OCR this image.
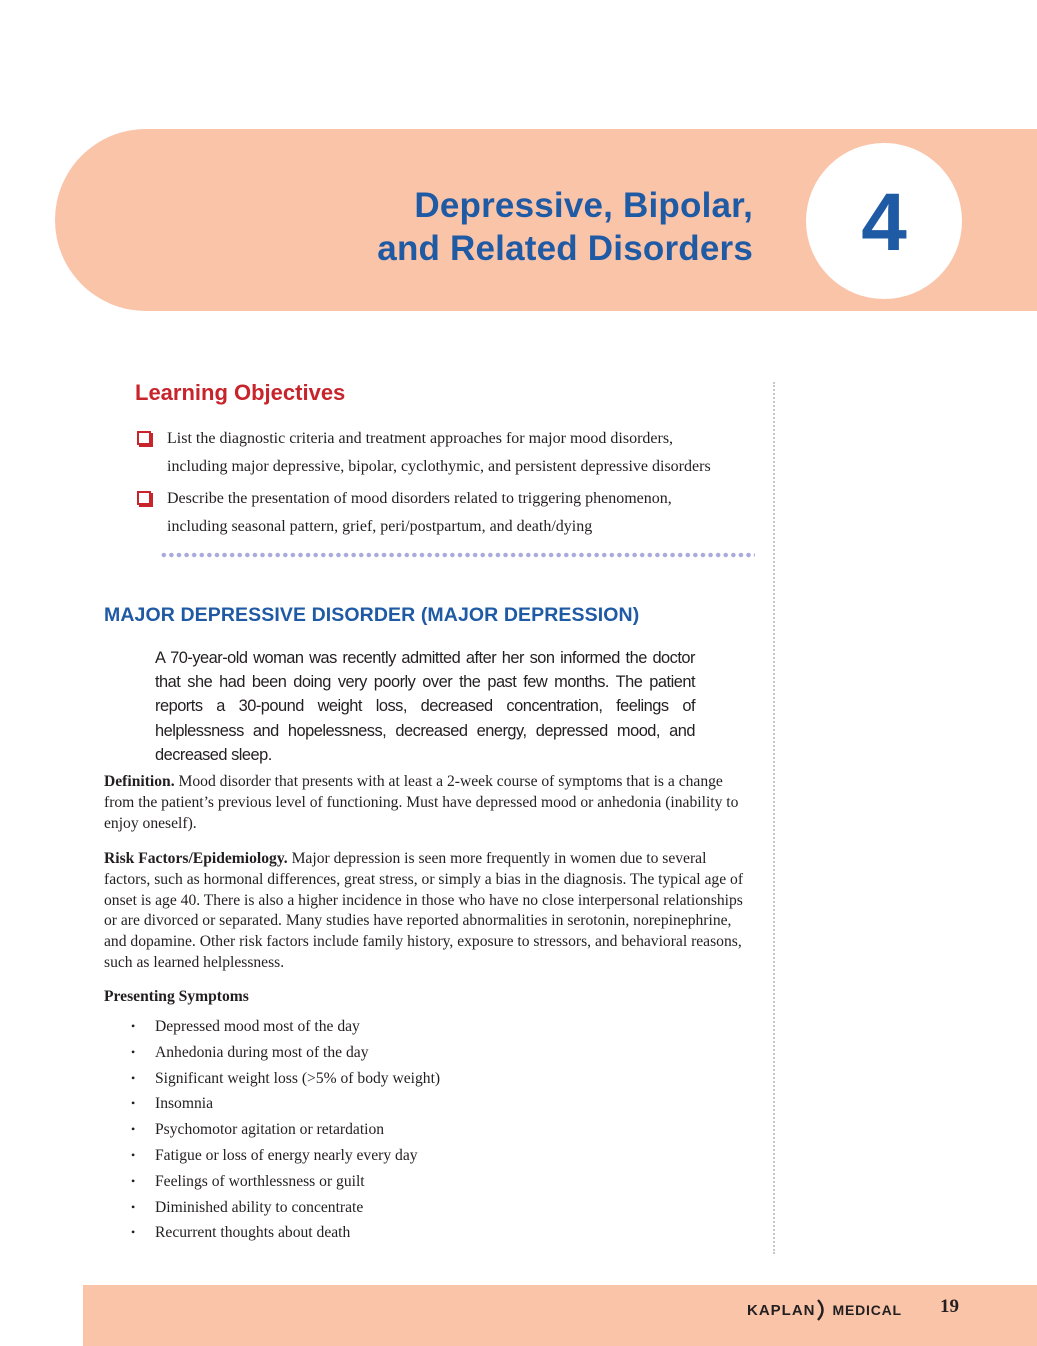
Depressive, Bipolar,
and Related Disorders 4
Learning Objectives
List the diagnostic criteria and treatment approaches for major mood disorders,
including major depressive, bipolar, cyclothymic, and persistent depressive disorders
Describe the presentation of mood disorders related to triggering phenomenon,
including seasonal pattern, grief, peri/postpartum, and death/dying
MAJOR DEPRESSIVE DISORDER (MAJOR DEPRESSION)
A 70-year-old woman was recently admitted after her son informed the doctor that she had been doing very poorly over the past few months. The patient reports a 30-pound weight loss, decreased concentration, feelings of helplessness and hopelessness, decreased energy, depressed mood, and decreased sleep.

Definition. Mood disorder that presents with at least a 2-week course of symptoms that is a change from the patient’s previous level of functioning. Must have depressed mood or anhedonia (inability to enjoy oneself).

Risk Factors/Epidemiology. Major depression is seen more frequently in women due to several factors, such as hormonal differences, great stress, or simply a bias in the diagnosis. The typical age of onset is age 40. There is also a higher incidence in those who have no close interpersonal relationships or are divorced or separated. Many studies have reported abnormalities in serotonin, norepinephrine, and dopamine. Other risk factors include family history, exposure to stressors, and behavioral reasons, such as learned helplessness.

Presenting Symptoms
• Depressed mood most of the day
• Anhedonia during most of the day
• Significant weight loss (>5% of body weight)
• Insomnia
• Psychomotor agitation or retardation
• Fatigue or loss of energy nearly every day
• Feelings of worthlessness or guilt
• Diminished ability to concentrate
• Recurrent thoughts about death
KAPLAN MEDICAL 19
